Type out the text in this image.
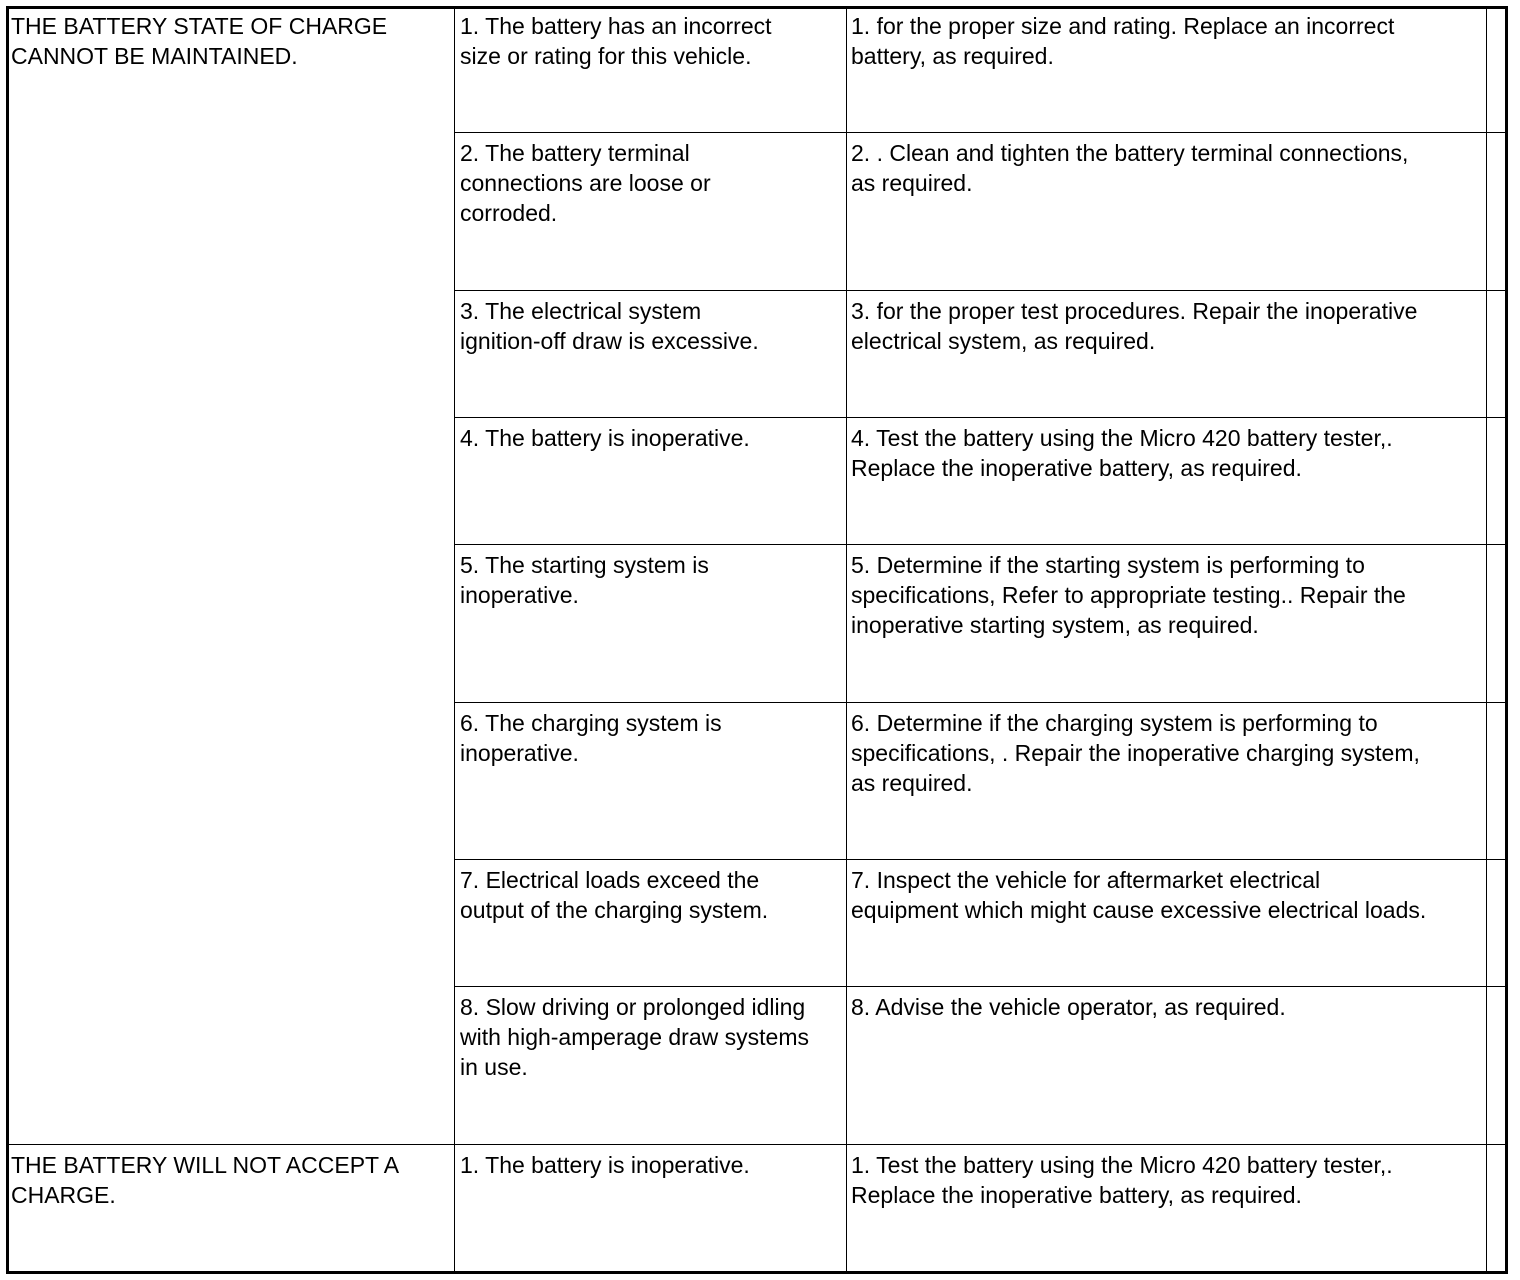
THE BATTERY STATE OF CHARGE
CANNOT BE MAINTAINED.

1. The battery has an incorrect
size or rating for this vehicle.

1. for the proper size and rating. Replace an incorrect
battery, as required.

2. The battery terminal
connections are loose or
corroded.

2. . Clean and tighten the battery terminal connections,
as required.

3. The electrical system
ignition-off draw is excessive.

3. for the proper test procedures. Repair the inoperative
electrical system, as required.

4. The battery is inoperative.	4. Test the battery using the Micro 420 battery tester,.
Replace the inoperative battery, as required.

5. The starting system is
inoperative.

5. Determine if the starting system is performing to
specifications, Refer to appropriate testing.. Repair the
inoperative starting system, as required.

6. The charging system is
inoperative.

6. Determine if the charging system is performing to
specifications, . Repair the inoperative charging system,
as required.

7. Electrical loads exceed the
output of the charging system.

7. Inspect the vehicle for aftermarket electrical
equipment which might cause excessive electrical loads.

8. Slow driving or prolonged idling
with high-amperage draw systems
in use.

8. Advise the vehicle operator, as required.

THE BATTERY WILL NOT ACCEPT A
CHARGE.

1. The battery is inoperative.	1. Test the battery using the Micro 420 battery tester,.
Replace the inoperative battery, as required.
